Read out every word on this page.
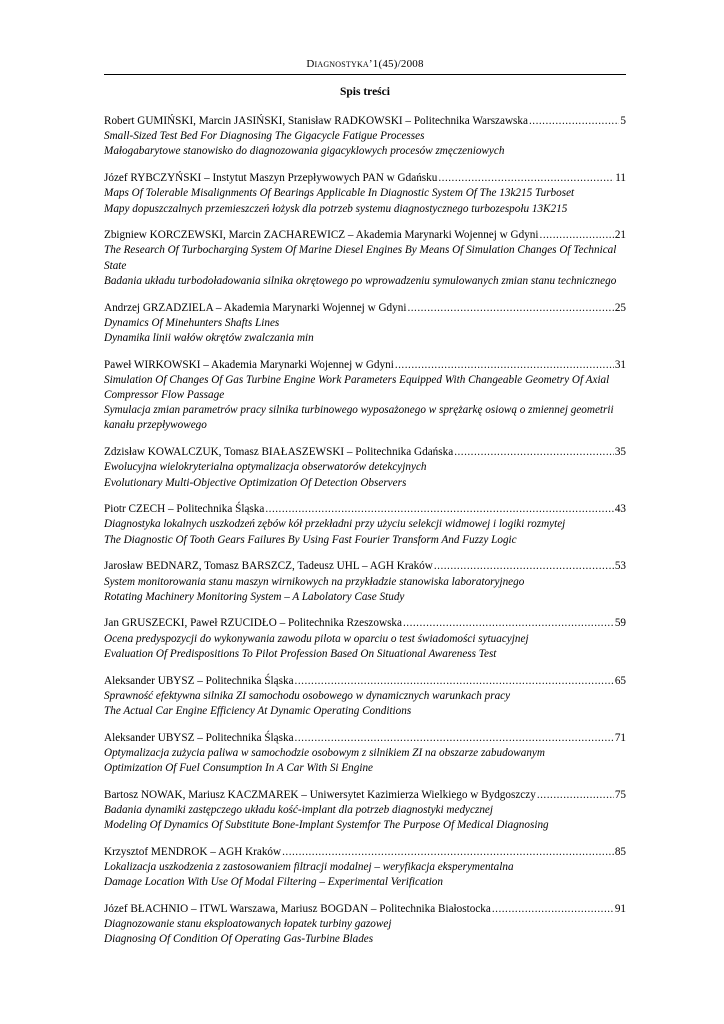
Diagnostyka’1(45)/2008
Spis treści
Robert GUMIŃSKI, Marcin JASIŃSKI, Stanisław RADKOWSKI – Politechnika Warszawska .....	5
Small-Sized Test Bed For Diagnosing The Gigacycle Fatigue Processes
Małogabarytowe stanowisko do diagnozowania gigacyklowych procesów zmęczeniowych
Józef RYBCZYŃSKI – Instytut Maszyn Przepływowych PAN w Gdańsku .....	11
Maps Of Tolerable Misalignments Of Bearings Applicable In Diagnostic System Of The 13k215 Turboset
Mapy dopuszczalnych przemieszczeń łożysk dla potrzeb systemu diagnostycznego turbozespołu 13K215
Zbigniew KORCZEWSKI, Marcin ZACHAREWICZ – Akademia Marynarki Wojennej w Gdyni .....	21
The Research Of Turbocharging System Of Marine Diesel Engines By Means Of Simulation Changes Of Technical State
Badania układu turbodoładowania silnika okrętowego po wprowadzeniu symulowanych zmian stanu technicznego
Andrzej GRZADZIELA – Akademia Marynarki Wojennej w Gdyni .....	25
Dynamics Of Minehunters Shafts Lines
Dynamika linii wałów okrętów zwalczania min
Paweł WIRKOWSKI – Akademia Marynarki Wojennej w Gdyni .....	31
Simulation Of Changes Of Gas Turbine Engine Work Parameters Equipped With Changeable Geometry Of Axial Compressor Flow Passage
Symulacja zmian parametrów pracy silnika turbinowego wyposażonego w sprężarkę osiową o zmiennej geometrii kanału przepływowego
Zdzisław KOWALCZUK, Tomasz BIAŁASZEWSKI – Politechnika Gdańska .....	35
Ewolucyjna wielokryterialna optymalizacja obserwatorów detekcyjnych
Evolutionary Multi-Objective Optimization Of Detection Observers
Piotr CZECH – Politechnika Śląska .....	43
Diagnostyka lokalnych uszkodzeń zębów kół przekładni przy użyciu selekcji widmowej i logiki rozmytej
The Diagnostic Of Tooth Gears Failures By Using Fast Fourier Transform And Fuzzy Logic
Jarosław BEDNARZ, Tomasz BARSZCZ, Tadeusz UHL – AGH Kraków .....	53
System monitorowania stanu maszyn wirnikowych na przykładzie stanowiska laboratoryjnego
Rotating Machinery Monitoring System – A Labolatory Case Study
Jan GRUSZECKI, Paweł RZUCIDŁO – Politechnika Rzeszowska .....	59
Ocena predyspozycji do wykonywania zawodu pilota w oparciu o test świadomości sytuacyjnej
Evaluation Of Predispositions To Pilot Profession Based On Situational Awareness Test
Aleksander UBYSZ – Politechnika Śląska .....	65
Sprawność efektywna silnika ZI samochodu osobowego w dynamicznych warunkach pracy
The Actual Car Engine Efficiency At Dynamic Operating Conditions
Aleksander UBYSZ – Politechnika Śląska .....	71
Optymalizacja zużycia paliwa w samochodzie osobowym z silnikiem ZI na obszarze zabudowanym
Optimization Of Fuel Consumption In A Car With Si Engine
Bartosz NOWAK, Mariusz KACZMAREK – Uniwersytet Kazimierza Wielkiego w Bydgoszczy .....	75
Badania dynamiki zastępczego układu kość-implant dla potrzeb diagnostyki medycznej
Modeling Of Dynamics Of Substitute Bone-Implant Systemfor The Purpose Of Medical Diagnosing
Krzysztof MENDROK – AGH Kraków .....	85
Lokalizacja uszkodzenia z zastosowaniem filtracji modalnej – weryfikacja eksperymentalna
Damage Location With Use Of Modal Filtering – Experimental Verification
Józef BŁACHNIO – ITWL Warszawa, Mariusz BOGDAN – Politechnika Białostocka .....	91
Diagnozowanie stanu eksploatowanych łopatek turbiny gazowej
Diagnosing Of Condition Of Operating Gas-Turbine Blades
